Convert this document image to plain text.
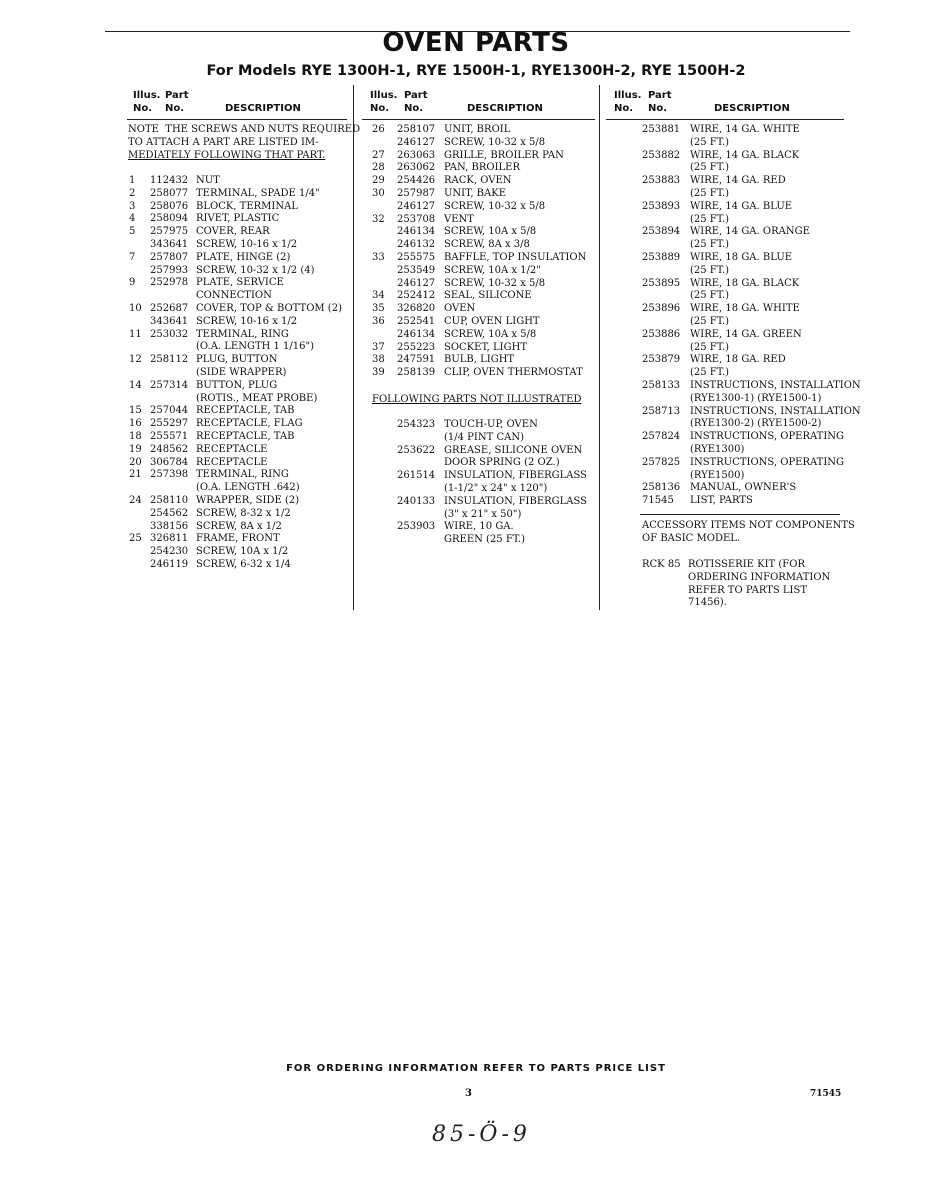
OVEN PARTS
For Models RYE 1300H-1, RYE 1500H-1, RYE1300H-2, RYE 1500H-2
Illus. Part
No. No.	DESCRIPTION
Illus. Part
No. No.	DESCRIPTION
Illus. Part
No. No.	DESCRIPTION
NOTE  THE SCREWS AND NUTS REQUIRED
TO ATTACH A PART ARE LISTED IM-
MEDIATELY FOLLOWING THAT PART.
1 112432 NUT
2 258077 TERMINAL, SPADE 1/4"
3 258076 BLOCK, TERMINAL
4 258094 RIVET, PLASTIC
5 257975 COVER, REAR
343641 SCREW, 10-16 x 1/2
7 257807 PLATE, HINGE (2)
257993 SCREW, 10-32 x 1/2 (4)
9 252978 PLATE, SERVICE
CONNECTION
10 252687 COVER, TOP & BOTTOM (2)
343641 SCREW, 10-16 x 1/2
11 253032 TERMINAL, RING
(O.A. LENGTH 1 1/16")
12 258112 PLUG, BUTTON
(SIDE WRAPPER)
14 257314 BUTTON, PLUG
(ROTIS., MEAT PROBE)
15 257044 RECEPTACLE, TAB
16 255297 RECEPTACLE, FLAG
18 255571 RECEPTACLE, TAB
19 248562 RECEPTACLE
20 306784 RECEPTACLE
21 257398 TERMINAL, RING
(O.A. LENGTH .642)
24 258110 WRAPPER, SIDE (2)
254562 SCREW, 8-32 x 1/2
338156 SCREW, 8A x 1/2
25 326811 FRAME, FRONT
254230 SCREW, 10A x 1/2
246119 SCREW, 6-32 x 1/4
26 258107 UNIT, BROIL
246127 SCREW, 10-32 x 5/8
27 263063 GRILLE, BROILER PAN
28 263062 PAN, BROILER
29 254426 RACK, OVEN
30 257987 UNIT, BAKE
246127 SCREW, 10-32 x 5/8
32 253708 VENT
246134 SCREW, 10A x 5/8
246132 SCREW, 8A x 3/8
33 255575 BAFFLE, TOP INSULATION
253549 SCREW, 10A x 1/2"
246127 SCREW, 10-32 x 5/8
34 252412 SEAL, SILICONE
35 326820 OVEN
36 252541 CUP, OVEN LIGHT
246134 SCREW, 10A x 5/8
37 255223 SOCKET, LIGHT
38 247591 BULB, LIGHT
39 258139 CLIP, OVEN THERMOSTAT
FOLLOWING PARTS NOT ILLUSTRATED
254323 TOUCH-UP, OVEN
(1/4 PINT CAN)
253622 GREASE, SILICONE OVEN
DOOR SPRING (2 OZ.)
261514 INSULATION, FIBERGLASS
(1-1/2" x 24" x 120")
240133 INSULATION, FIBERGLASS
(3" x 21" x 50")
253903 WIRE, 10 GA.
GREEN (25 FT.)
253881 WIRE, 14 GA. WHITE
(25 FT.)
253882 WIRE, 14 GA. BLACK
(25 FT.)
253883 WIRE, 14 GA. RED
(25 FT.)
253893 WIRE, 14 GA. BLUE
(25 FT.)
253894 WIRE, 14 GA. ORANGE
(25 FT.)
253889 WIRE, 18 GA. BLUE
(25 FT.)
253895 WIRE, 18 GA. BLACK
(25 FT.)
253896 WIRE, 18 GA. WHITE
(25 FT.)
253886 WIRE, 14 GA. GREEN
(25 FT.)
253879 WIRE, 18 GA. RED
(25 FT.)
258133 INSTRUCTIONS, INSTALLATION
(RYE1300-1) (RYE1500-1)
258713 INSTRUCTIONS, INSTALLATION
(RYE1300-2) (RYE1500-2)
257824 INSTRUCTIONS, OPERATING
(RYE1300)
257825 INSTRUCTIONS, OPERATING
(RYE1500)
258136 MANUAL, OWNER'S
71545 LIST, PARTS
ACCESSORY ITEMS NOT COMPONENTS
OF BASIC MODEL.
RCK 85 ROTISSERIE KIT (FOR
ORDERING INFORMATION
REFER TO PARTS LIST
71456).
FOR ORDERING INFORMATION REFER TO PARTS PRICE LIST
3	71545
85-Ӧ-9
